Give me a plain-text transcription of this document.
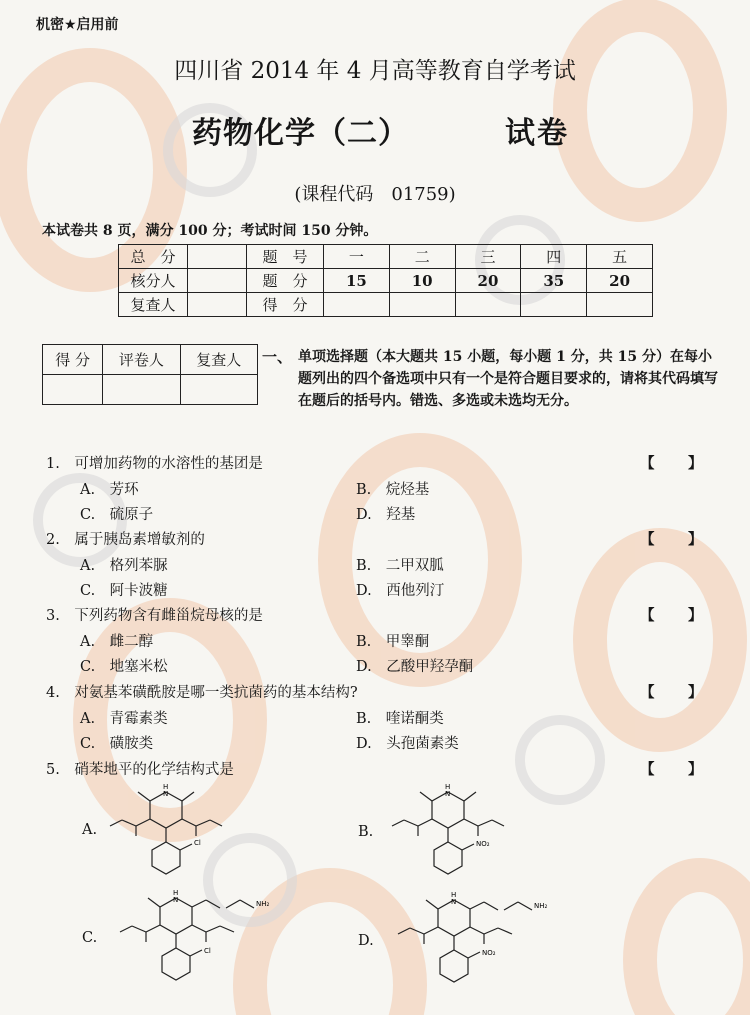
机密★启用前
四川省 2014 年 4 月高等教育自学考试
药物化学（二）	试卷
(课程代码　01759)
本试卷共 8 页，满分 100 分；考试时间 150 分钟。
总　分		题　号	一	二	三	四	五
核分人		题　分	15	10	20	35	20
复查人		得　分					
得 分	评卷人	复查人
		一、 单项选择题（本大题共 15 小题，每小题 1 分，共 15 分）在每小题列出的四个备选项中只有一个是符合题目要求的，请将其代码填写在题后的括号内。错选、多选或未选均无分。
1.　可增加药物的水溶性的基团是	【 】
A.　芳环	B.　烷烃基
C.　硫原子	D.　羟基
2.　属于胰岛素增敏剂的	【 】
A.　格列苯脲	B.　二甲双胍
C.　阿卡波糖	D.　西他列汀
3.　下列药物含有雌甾烷母核的是	【 】
A.　雌二醇	B.　甲睾酮
C.　地塞米松	D.　乙酸甲羟孕酮
4.　对氨基苯磺酰胺是哪一类抗菌药的基本结构?	【 】
A.　青霉素类	B.　喹诺酮类
C.　磺胺类	D.　头孢菌素类
5.　硝苯地平的化学结构式是	【 】
A.
H
N
Cl
B.
H
N
NO₂
C.
H
N	NH₂
Cl
D.
H
N	NH₂
NO₂
